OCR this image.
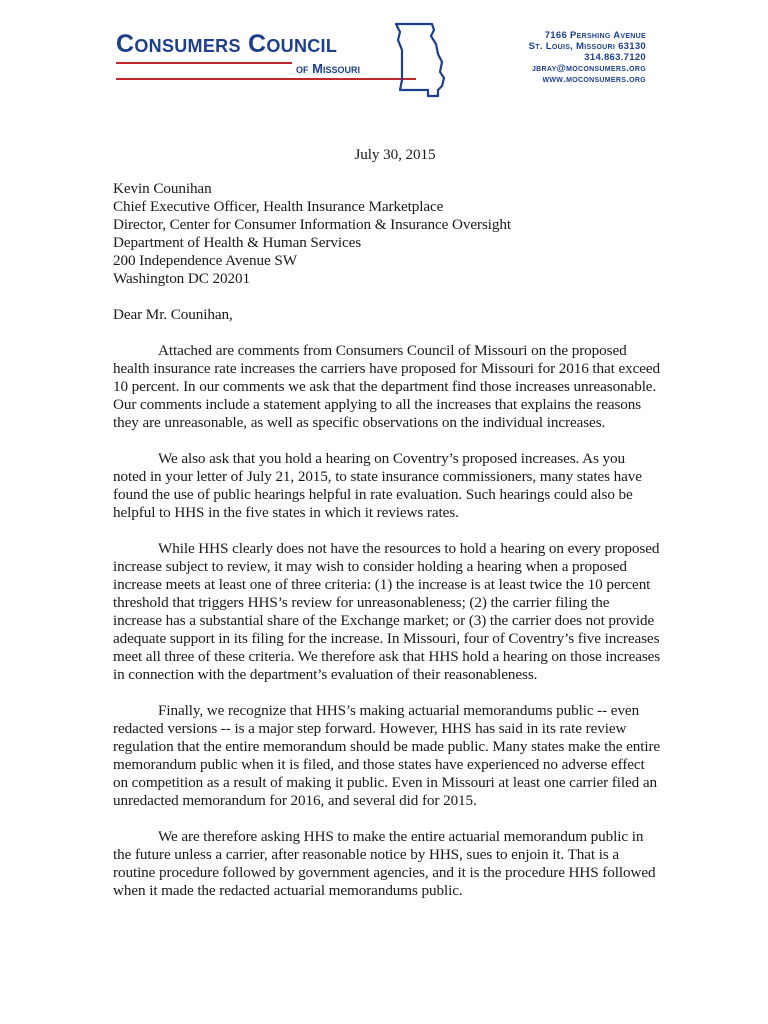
Consumers Council
of Missouri
7166 Pershing Avenue
St. Louis, Missouri 63130
314.863.7120
jbray@moconsumers.org
www.moconsumers.org
July 30, 2015
Kevin Counihan
Chief Executive Officer, Health Insurance Marketplace
Director, Center for Consumer Information & Insurance Oversight
Department of Health & Human Services
200 Independence Avenue SW
Washington DC 20201
Dear Mr. Counihan,

Attached are comments from Consumers Council of Missouri on the proposed health insurance rate increases the carriers have proposed for Missouri for 2016 that exceed 10 percent. In our comments we ask that the department find those increases unreasonable. Our comments include a statement applying to all the increases that explains the reasons they are unreasonable, as well as specific observations on the individual increases.

We also ask that you hold a hearing on Coventry’s proposed increases. As you noted in your letter of July 21, 2015, to state insurance commissioners, many states have found the use of public hearings helpful in rate evaluation. Such hearings could also be helpful to HHS in the five states in which it reviews rates.

While HHS clearly does not have the resources to hold a hearing on every proposed increase subject to review, it may wish to consider holding a hearing when a proposed increase meets at least one of three criteria: (1) the increase is at least twice the 10 percent threshold that triggers HHS’s review for unreasonableness; (2) the carrier filing the increase has a substantial share of the Exchange market; or (3) the carrier does not provide adequate support in its filing for the increase. In Missouri, four of Coventry’s five increases meet all three of these criteria. We therefore ask that HHS hold a hearing on those increases in connection with the department’s evaluation of their reasonableness.

Finally, we recognize that HHS’s making actuarial memorandums public -- even redacted versions -- is a major step forward. However, HHS has said in its rate review regulation that the entire memorandum should be made public. Many states make the entire memorandum public when it is filed, and those states have experienced no adverse effect on competition as a result of making it public. Even in Missouri at least one carrier filed an unredacted memorandum for 2016, and several did for 2015.

We are therefore asking HHS to make the entire actuarial memorandum public in the future unless a carrier, after reasonable notice by HHS, sues to enjoin it. That is a routine procedure followed by government agencies, and it is the procedure HHS followed when it made the redacted actuarial memorandums public.
